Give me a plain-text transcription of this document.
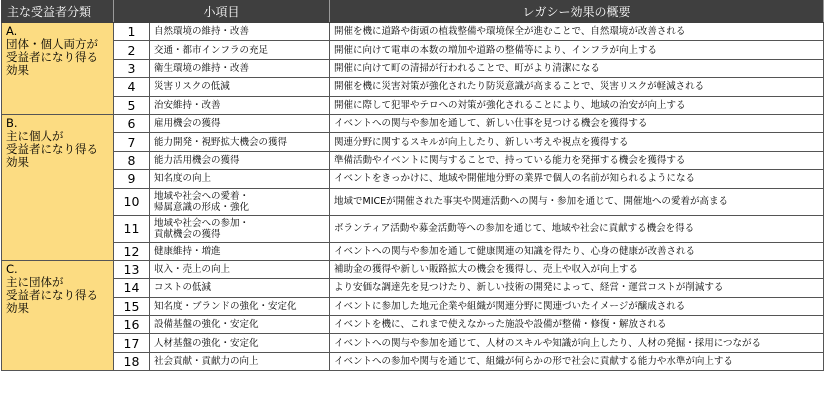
主な受益者分類	小項目		レガシー効果の概要

A.
団体・個人両方が
受益者になり得る
効果	1	自然環境の維持・改善	開催を機に道路や街頭の植栽整備や環境保全が進むことで、自然環境が改善される
	2	交通・都市インフラの充足	開催に向けて電車の本数の増加や道路の整備等により、インフラが向上する
	3	衛生環境の維持・改善	開催に向けて町の清掃が行われることで、町がより清潔になる
	4	災害リスクの低減	開催を機に災害対策が強化されたり防災意識が高まることで、災害リスクが軽減される
	5	治安維持・改善	開催に際して犯罪やテロへの対策が強化されることにより、地域の治安が向上する

B.
主に個人が
受益者になり得る
効果	6	雇用機会の獲得	イベントへの関与や参加を通して、新しい仕事を見つける機会を獲得する
	7	能力開発・視野拡大機会の獲得	関連分野に関するスキルが向上したり、新しい考えや視点を獲得する
	8	能力活用機会の獲得	準備活動やイベントに関与することで、持っている能力を発揮する機会を獲得する
	9	知名度の向上	イベントをきっかけに、地域や開催地分野の業界で個人の名前が知られるようになる
	10	地域や社会への愛着・
帰属意識の形成・強化	地域でMICEが開催された事実や関連活動への関与・参加を通じて、開催地への愛着が高まる
	11	地域や社会への参加・
貢献機会の獲得	ボランティア活動や募金活動等への参加を通じて、地域や社会に貢献する機会を得る
	12	健康維持・増進	イベントへの関与や参加を通して健康関連の知識を得たり、心身の健康が改善される

C.
主に団体が
受益者になり得る
効果	13	収入・売上の向上	補助金の獲得や新しい販路拡大の機会を獲得し、売上や収入が向上する
	14	コストの低減	より安価な調達先を見つけたり、新しい技術の開発によって、経営・運営コストが削減する
	15	知名度・ブランドの強化・安定化	イベントに参加した地元企業や組織が関連分野に関連づいたイメージが醸成される
	16	設備基盤の強化・安定化	イベントを機に、これまで使えなかった施設や設備が整備・修復・解放される
	17	人材基盤の強化・安定化	イベントへの関与や参加を通じて、人材のスキルや知識が向上したり、人材の発掘・採用につながる
	18	社会貢献・貢献力の向上	イベントへの参加や関与を通じて、組織が何らかの形で社会に貢献する能力や水準が向上する
